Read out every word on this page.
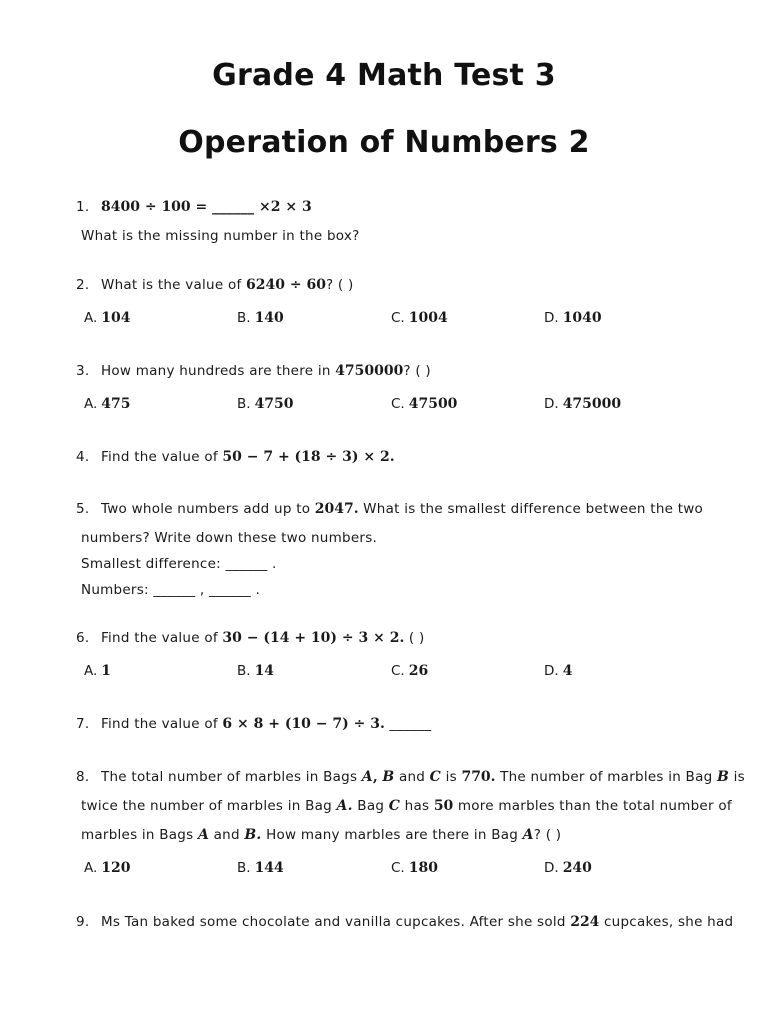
Grade 4 Math Test 3
Operation of Numbers 2
1. 8400 ÷ 100 = ______ ×2 × 3
What is the missing number in the box?
2. What is the value of 6240 ÷ 60? ( )
A. 104	B. 140	C. 1004	D. 1040
3. How many hundreds are there in 4750000? ( )
A. 475	B. 4750	C. 47500	D. 475000
4. Find the value of 50 − 7 + (18 ÷ 3) × 2.
5. Two whole numbers add up to 2047. What is the smallest difference between the two
numbers? Write down these two numbers.
Smallest difference: ______ .
Numbers: ______ , ______ .
6. Find the value of 30 − (14 + 10) ÷ 3 × 2. ( )
A. 1	B. 14	C. 26	D. 4
7. Find the value of 6 × 8 + (10 − 7) ÷ 3. ______
8. The total number of marbles in Bags A, B and C is 770. The number of marbles in Bag B is
twice the number of marbles in Bag A. Bag C has 50 more marbles than the total number of
marbles in Bags A and B. How many marbles are there in Bag A? ( )
A. 120	B. 144	C. 180	D. 240
9. Ms Tan baked some chocolate and vanilla cupcakes. After she sold 224 cupcakes, she had
